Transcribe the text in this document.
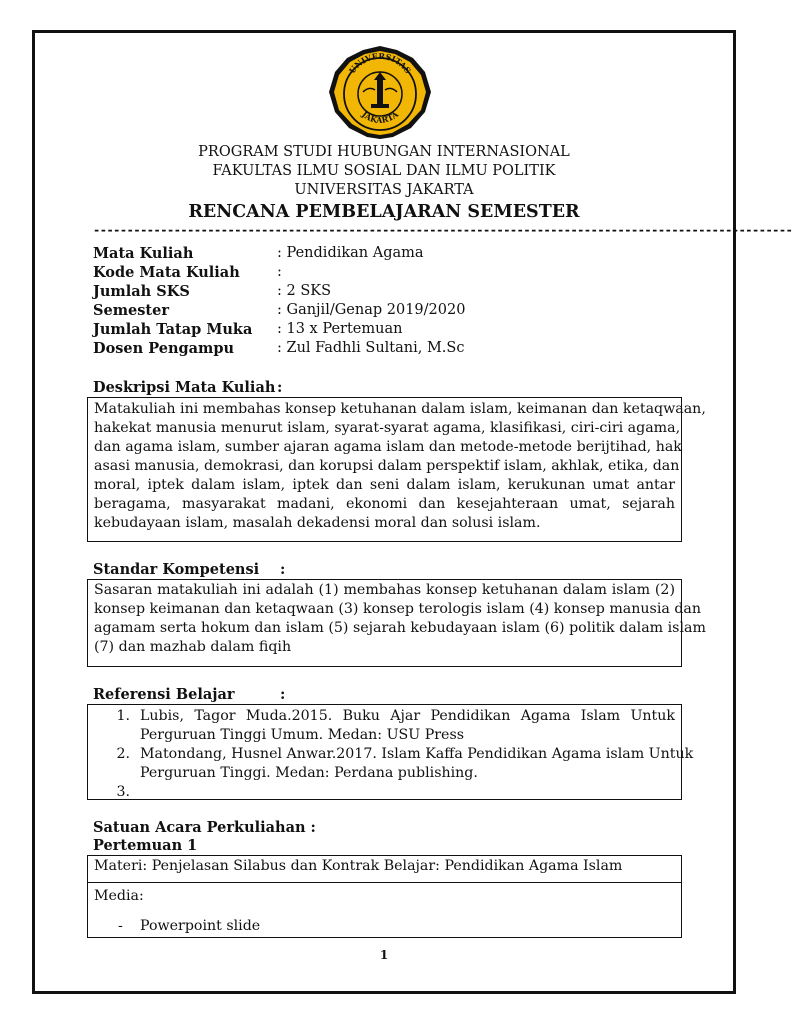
UNIVERSITAS
JAKARTA
PROGRAM STUDI HUBUNGAN INTERNASIONAL
FAKULTAS ILMU SOSIAL DAN ILMU POLITIK
UNIVERSITAS JAKARTA
RENCANA PEMBELAJARAN SEMESTER
--------------------------------------------------------------------------------------------------------
Mata Kuliah	: Pendidikan Agama
Kode Mata Kuliah	:
Jumlah SKS	: 2 SKS
Semester	: Ganjil/Genap 2019/2020
Jumlah Tatap Muka	: 13 x Pertemuan
Dosen Pengampu	: Zul Fadhli Sultani, M.Sc
Deskripsi Mata Kuliah :
Matakuliah ini membahas konsep ketuhanan dalam islam, keimanan dan ketaqwaan,
hakekat manusia menurut islam, syarat-syarat agama, klasifikasi, ciri-ciri agama,
dan agama islam, sumber ajaran agama islam dan metode-metode berijtihad, hak
asasi manusia, demokrasi, dan korupsi dalam perspektif islam, akhlak, etika, dan
moral, iptek dalam islam, iptek dan seni dalam islam, kerukunan umat antar
beragama, masyarakat madani, ekonomi dan kesejahteraan umat, sejarah
kebudayaan islam, masalah dekadensi moral dan solusi islam.
Standar Kompetensi :
Sasaran matakuliah ini adalah (1) membahas konsep ketuhanan dalam islam (2)
konsep keimanan dan ketaqwaan (3) konsep terologis islam (4) konsep manusia dan
agamam serta hokum dan islam (5) sejarah kebudayaan islam (6) politik dalam islam
(7) dan mazhab dalam fiqih
Referensi Belajar	:
1. Lubis, Tagor Muda.2015. Buku Ajar Pendidikan Agama Islam Untuk
Perguruan Tinggi Umum. Medan: USU Press
2. Matondang, Husnel Anwar.2017. Islam Kaffa Pendidikan Agama islam Untuk
Perguruan Tinggi. Medan: Perdana publishing.
3.
Satuan Acara Perkuliahan :
Pertemuan 1
Materi: Penjelasan Silabus dan Kontrak Belajar: Pendidikan Agama Islam
Media:
-	Powerpoint slide
1
